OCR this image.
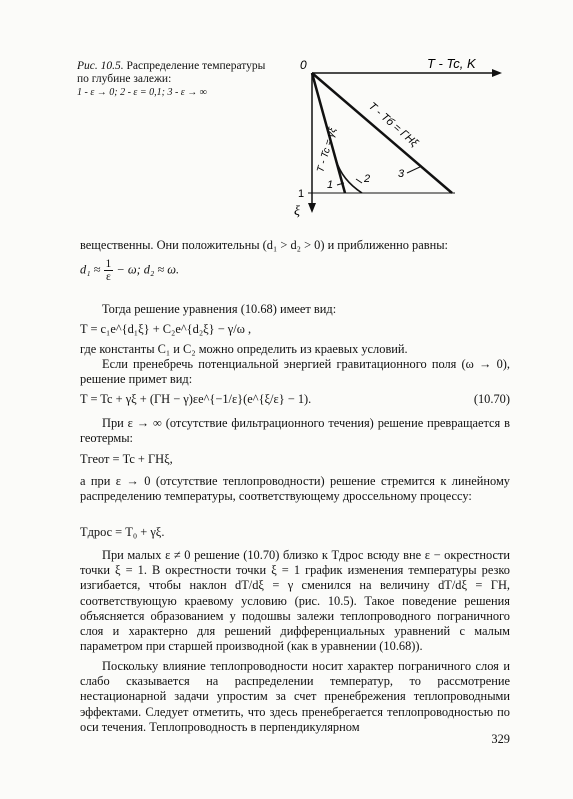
Рис. 10.5. Распределение температуры по глубине залежи:
1 - ε → 0; 2 - ε = 0,1; 3 - ε → ∞
0	T - Tc, K
ξ
1
T - Tб = ΓHξ
T - Tc = γξ
1	2	3
вещественны. Они положительны (d₁ > d₂ > 0) и приближенно равны:
$d_1 \approx \frac{1}{\varepsilon} - \omega$; d₂ ≈ ω.
Тогда решение уравнения (10.68) имеет вид:
T = c₁e^{d₁ξ} + C₂e^{d₂ξ} − γ/ω ,
где константы C₁ и C₂ можно определить из краевых условий.
Если пренебречь потенциальной энергией гравитационного поля (ω → 0), решение примет вид:
T = Tc + γξ + (ΓH − γ)εe^{−1/ε}(e^{ξ/ε} − 1).	(10.70)
При ε → ∞ (отсутствие фильтрационного течения) решение превращается в геотермы:
Tгеот = Tc + ΓHξ,
а при ε → 0 (отсутствие теплопроводности) решение стремится к линейному распределению температуры, соответствующему дроссельному процессу:
Tдрос = T₀ + γξ.
При малых ε ≠ 0 решение (10.70) близко к Tдрос всюду вне ε − окрестности точки ξ = 1. В окрестности точки ξ = 1 график изменения температуры резко изгибается, чтобы наклон dT/dξ = γ сменился на величину dT/dξ = ΓH, соответствующую краевому условию (рис. 10.5). Такое поведение решения объясняется образованием у подошвы залежи теплопроводного пограничного слоя и характерно для решений дифференциальных уравнений с малым параметром при старшей производной (как в уравнении (10.68)).
Поскольку влияние теплопроводности носит характер пограничного слоя и слабо сказывается на распределении температур, то рассмотрение нестационарной задачи упростим за счет пренебрежения теплопроводными эффектами. Следует отметить, что здесь пренебрегается теплопроводностью по оси течения. Теплопроводность в перпендикулярном
329
